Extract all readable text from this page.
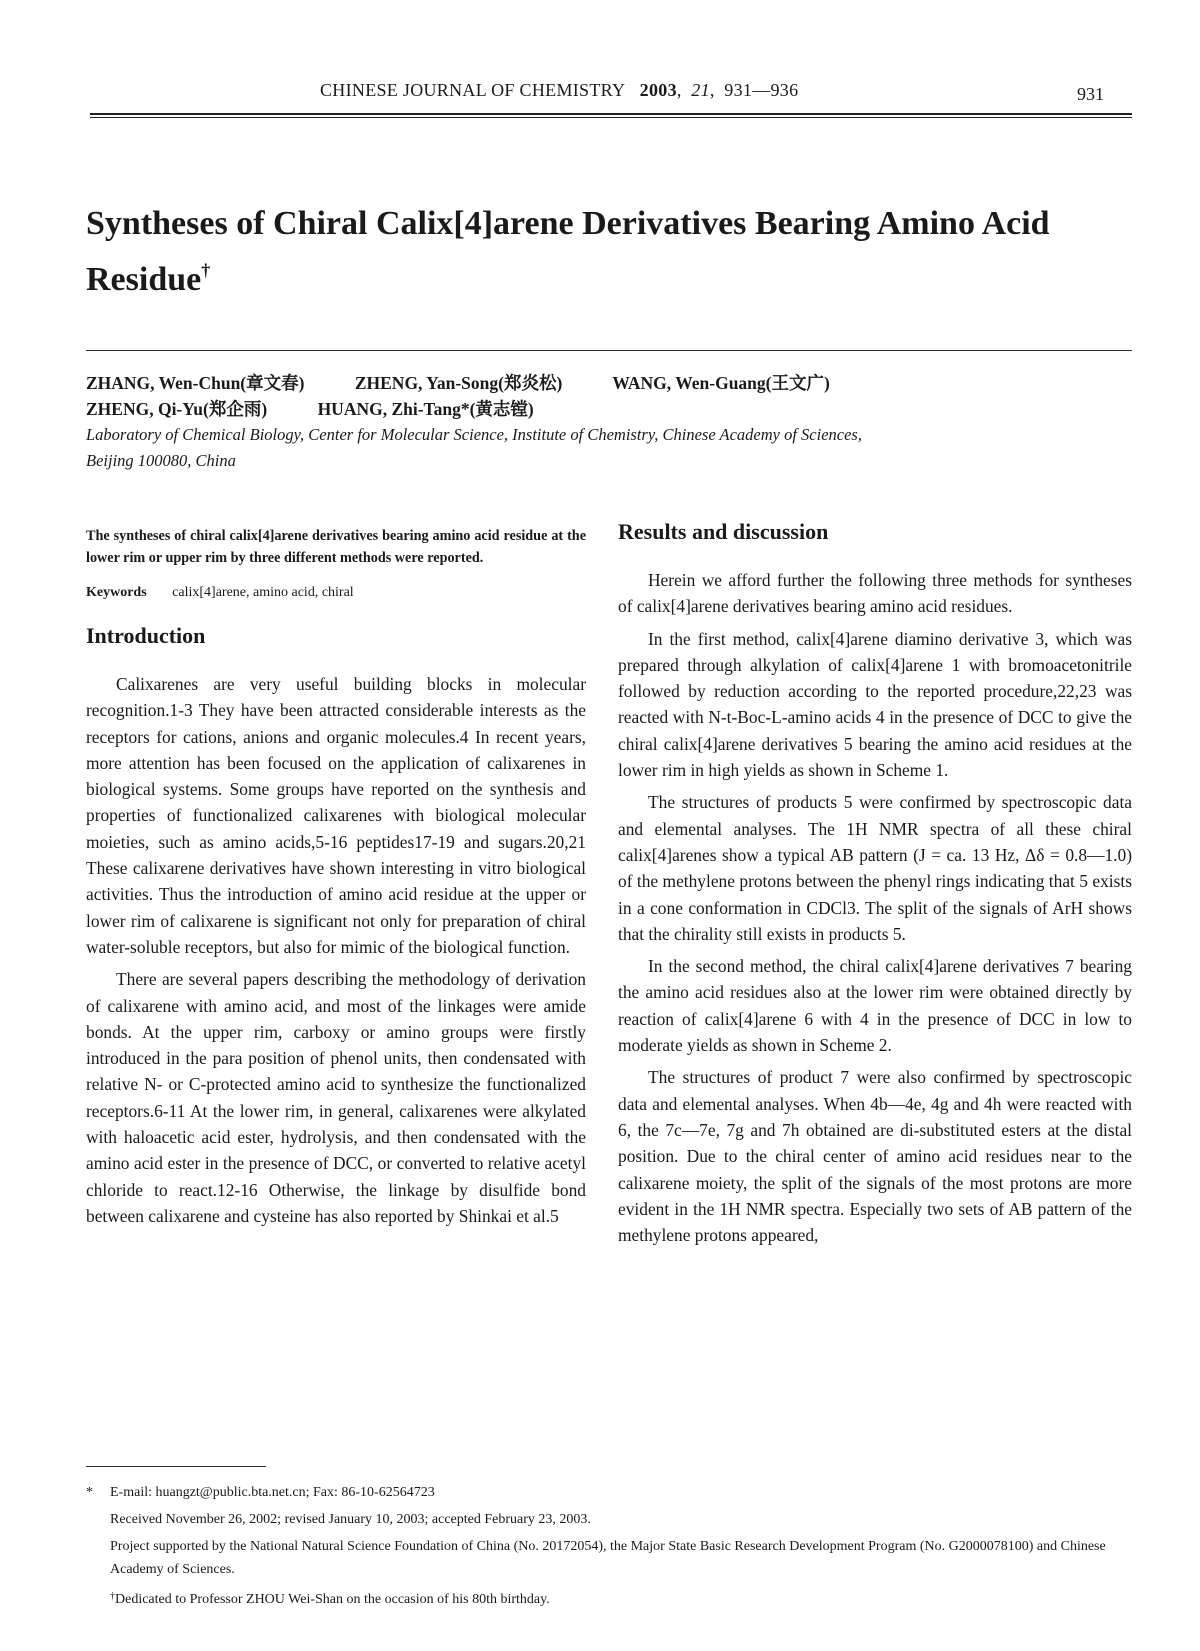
CHINESE JOURNAL OF CHEMISTRY 2003,  21,  931—936	931
Syntheses of Chiral Calix[4]arene Derivatives Bearing Amino Acid Residue†
ZHANG, Wen-Chun(章文春)	ZHENG, Yan-Song(郑炎松)	WANG, Wen-Guang(王文广)
ZHENG, Qi-Yu(郑企雨)	HUANG, Zhi-Tang*(黄志镗)
Laboratory of Chemical Biology, Center for Molecular Science, Institute of Chemistry, Chinese Academy of Sciences,
Beijing 100080, China
The syntheses of chiral calix[4]arene derivatives bearing amino acid residue at the lower rim or upper rim by three different methods were reported.
Keywords calix[4]arene, amino acid, chiral
Introduction

Calixarenes are very useful building blocks in molecular recognition.1-3 They have been attracted considerable interests as the receptors for cations, anions and organic molecules.4 In recent years, more attention has been focused on the application of calixarenes in biological systems. Some groups have reported on the synthesis and properties of functionalized calixarenes with biological molecular moieties, such as amino acids,5-16 peptides17-19 and sugars.20,21 These calixarene derivatives have shown interesting in vitro biological activities. Thus the introduction of amino acid residue at the upper or lower rim of calixarene is significant not only for preparation of chiral water-soluble receptors, but also for mimic of the biological function.

There are several papers describing the methodology of derivation of calixarene with amino acid, and most of the linkages were amide bonds. At the upper rim, carboxy or amino groups were firstly introduced in the para position of phenol units, then condensated with relative N- or C-protected amino acid to synthesize the functionalized receptors.6-11 At the lower rim, in general, calixarenes were alkylated with haloacetic acid ester, hydrolysis, and then condensated with the amino acid ester in the presence of DCC, or converted to relative acetyl chloride to react.12-16 Otherwise, the linkage by disulfide bond between calixarene and cysteine has also reported by Shinkai et al.5

Results and discussion

Herein we afford further the following three methods for syntheses of calix[4]arene derivatives bearing amino acid residues.

In the first method, calix[4]arene diamino derivative 3, which was prepared through alkylation of calix[4]arene 1 with bromoacetonitrile followed by reduction according to the reported procedure,22,23 was reacted with N-t-Boc-L-amino acids 4 in the presence of DCC to give the chiral calix[4]arene derivatives 5 bearing the amino acid residues at the lower rim in high yields as shown in Scheme 1.

The structures of products 5 were confirmed by spectroscopic data and elemental analyses. The 1H NMR spectra of all these chiral calix[4]arenes show a typical AB pattern (J = ca. 13 Hz, Δδ = 0.8—1.0) of the methylene protons between the phenyl rings indicating that 5 exists in a cone conformation in CDCl3. The split of the signals of ArH shows that the chirality still exists in products 5.

In the second method, the chiral calix[4]arene derivatives 7 bearing the amino acid residues also at the lower rim were obtained directly by reaction of calix[4]arene 6 with 4 in the presence of DCC in low to moderate yields as shown in Scheme 2.

The structures of product 7 were also confirmed by spectroscopic data and elemental analyses. When 4b—4e, 4g and 4h were reacted with 6, the 7c—7e, 7g and 7h obtained are di-substituted esters at the distal position. Due to the chiral center of amino acid residues near to the calixarene moiety, the split of the signals of the most protons are more evident in the 1H NMR spectra. Especially two sets of AB pattern of the methylene protons appeared,

* E-mail: huangzt@public.bta.net.cn; Fax: 86-10-62564723

Received November 26, 2002; revised January 10, 2003; accepted February 23, 2003.

Project supported by the National Natural Science Foundation of China (No. 20172054), the Major State Basic Research Development Program (No. G2000078100) and Chinese Academy of Sciences.

†Dedicated to Professor ZHOU Wei-Shan on the occasion of his 80th birthday.
